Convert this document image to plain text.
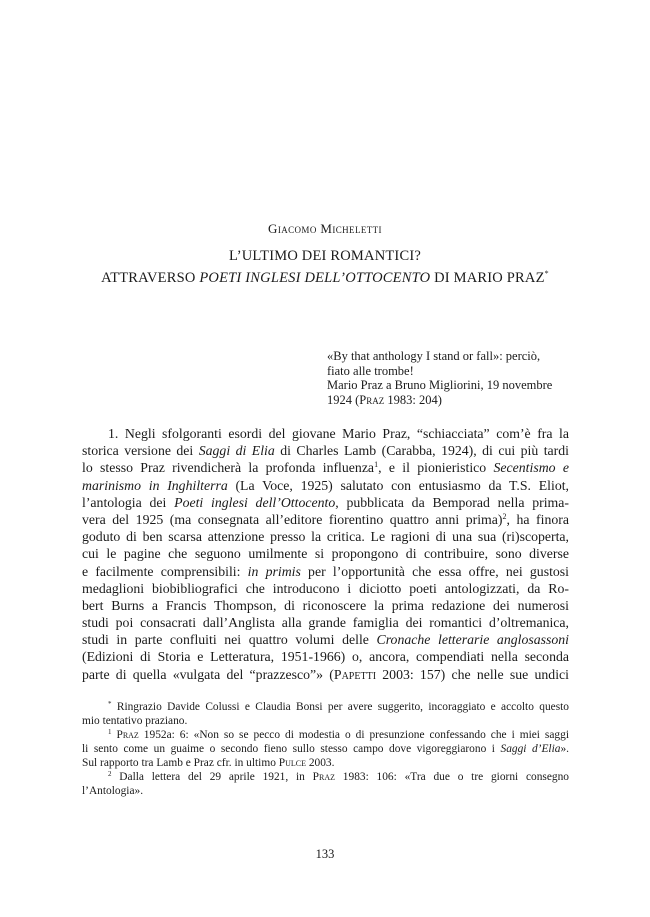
Giacomo Micheletti
L’ULTIMO DEI ROMANTICI?
ATTRAVERSO POETI INGLESI DELL’OTTOCENTO DI MARIO PRAZ*
«By that anthology I stand or fall»: perciò,
fiato alle trombe!
Mario Praz a Bruno Migliorini, 19 novembre
1924 (Praz 1983: 204)
1. Negli sfolgoranti esordi del giovane Mario Praz, “schiacciata” com’è fra la
storica versione dei Saggi di Elia di Charles Lamb (Carabba, 1924), di cui più tardi
lo stesso Praz rivendicherà la profonda influenza$^1$, e il pionieristico Secentismo e
marinismo in Inghilterra (La Voce, 1925) salutato con entusiasmo da T.S. Eliot,
l’antologia dei Poeti inglesi dell’Ottocento, pubblicata da Bemporad nella prima-
vera del 1925 (ma consegnata all’editore fiorentino quattro anni prima)$^2$, ha finora
goduto di ben scarsa attenzione presso la critica. Le ragioni di una sua (ri)scoperta,
cui le pagine che seguono umilmente si propongono di contribuire, sono diverse
e facilmente comprensibili: in primis per l’opportunità che essa offre, nei gustosi
medaglioni biobibliografici che introducono i diciotto poeti antologizzati, da Ro-
bert Burns a Francis Thompson, di riconoscere la prima redazione dei numerosi
studi poi consacrati dall’Anglista alla grande famiglia dei romantici d’oltremanica,
studi in parte confluiti nei quattro volumi delle Cronache letterarie anglosassoni
(Edizioni di Storia e Letteratura, 1951-1966) o, ancora, compendiati nella seconda
parte di quella «vulgata del “prazzesco”» (Papetti 2003: 157) che nelle sue undici
* Ringrazio Davide Colussi e Claudia Bonsi per avere suggerito, incoraggiato e accolto questo
mio tentativo praziano.
$^1$ Praz 1952a: 6: «Non so se pecco di modestia o di presunzione confessando che i miei saggi
li sento come un guaime o secondo fieno sullo stesso campo dove vigoreggiarono i Saggi d’Elia».
Sul rapporto tra Lamb e Praz cfr. in ultimo Pulce 2003.
$^2$ Dalla lettera del 29 aprile 1921, in Praz 1983: 106: «Tra due o tre giorni consegno
l’Antologia».
133
